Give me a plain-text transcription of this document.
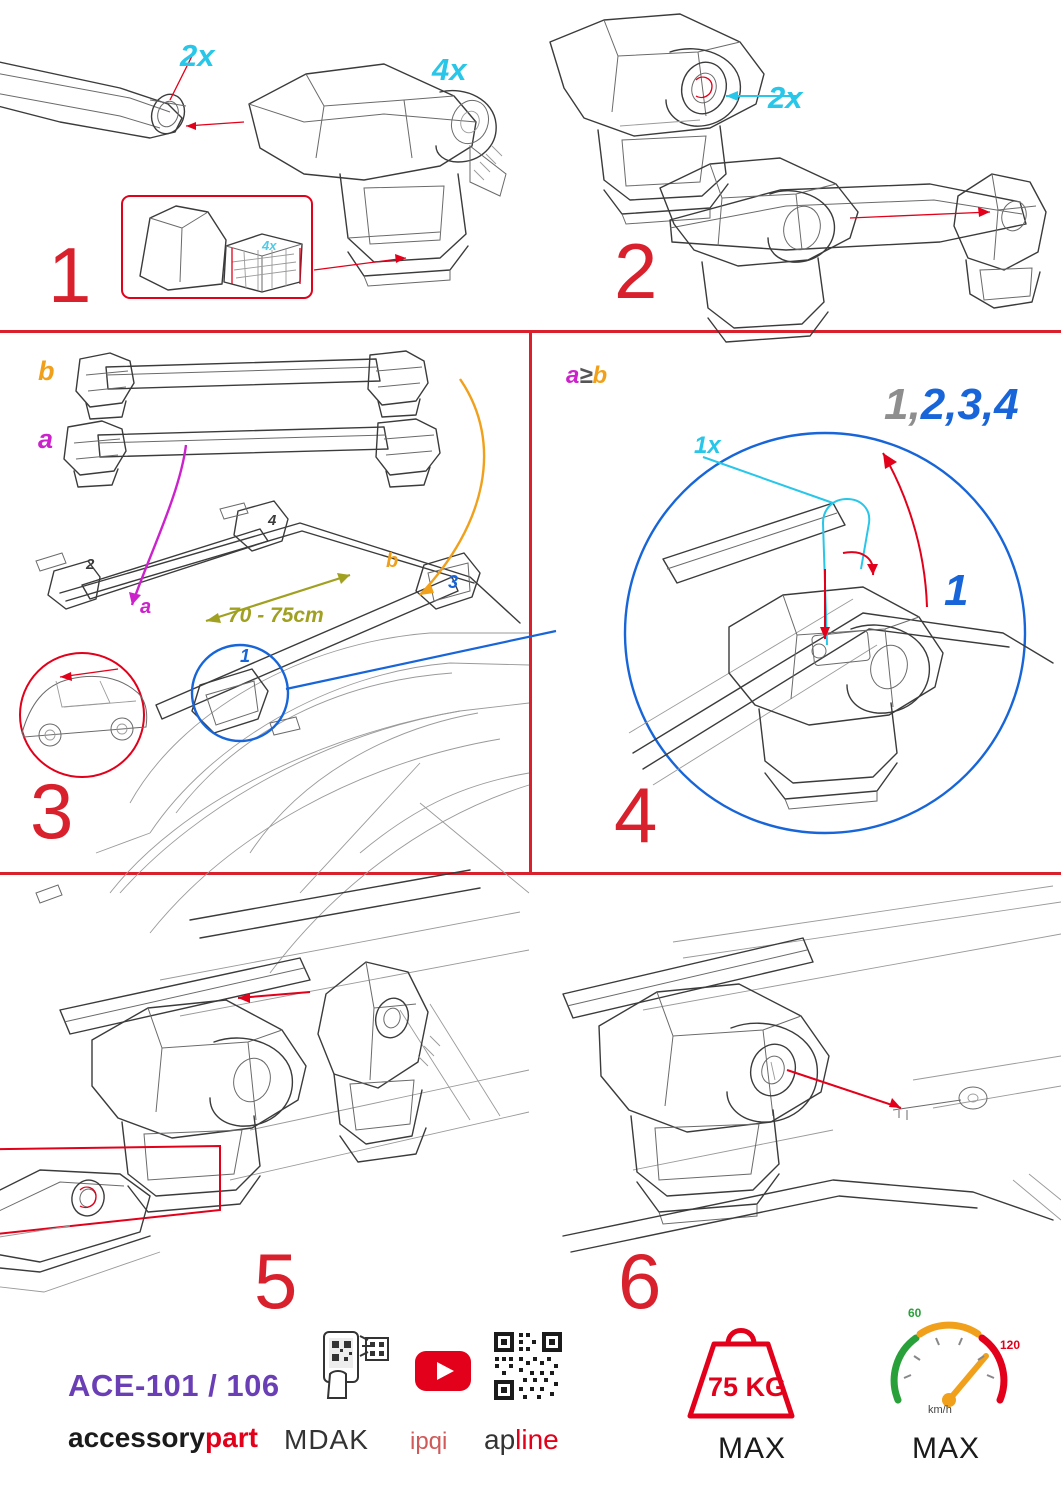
2x	4x
4x
1
2x
2
b
a
a
b
70 - 75cm
1
2
3
4
3
a≥b
1x
1,2,3,4
1
4
5	6
ACE-101 / 106
accessorypart MDAK ipqi apline
75 KG
MAX
60
120
km/h
MAX
